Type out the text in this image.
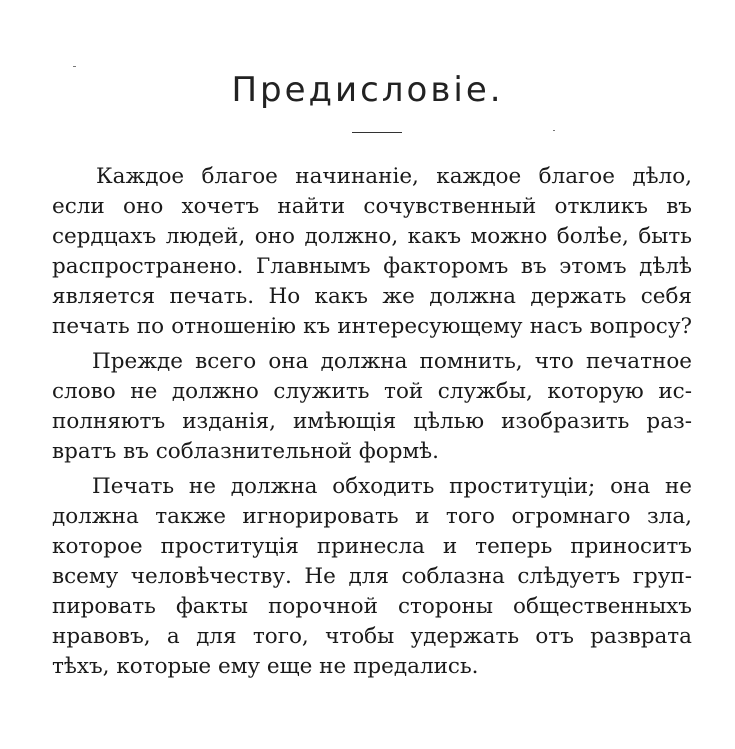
Предисловіе.
Каждое благое начинаніе, каждое благое дѣло,
если оно хочетъ найти сочувственный откликъ въ
сердцахъ людей, оно должно, какъ можно болѣе, быть
распространено. Главнымъ факторомъ въ этомъ дѣлѣ
является печать. Но какъ же должна держать себя
печать по отношенію къ интересующему насъ вопросу?
Прежде всего она должна помнить, что печатное
слово не должно служить той службы, которую ис-
полняютъ изданія, имѣющія цѣлью изобразить раз-
вратъ въ соблазнительной формѣ.
Печать не должна обходить проституціи; она не
должна также игнорировать и того огромнаго зла,
которое проституція принесла и теперь приноситъ
всему человѣчеству. Не для соблазна слѣдуетъ груп-
пировать факты порочной стороны общественныхъ
нравовъ, а для того, чтобы удержать отъ разврата
тѣхъ, которые ему еще не предались.
